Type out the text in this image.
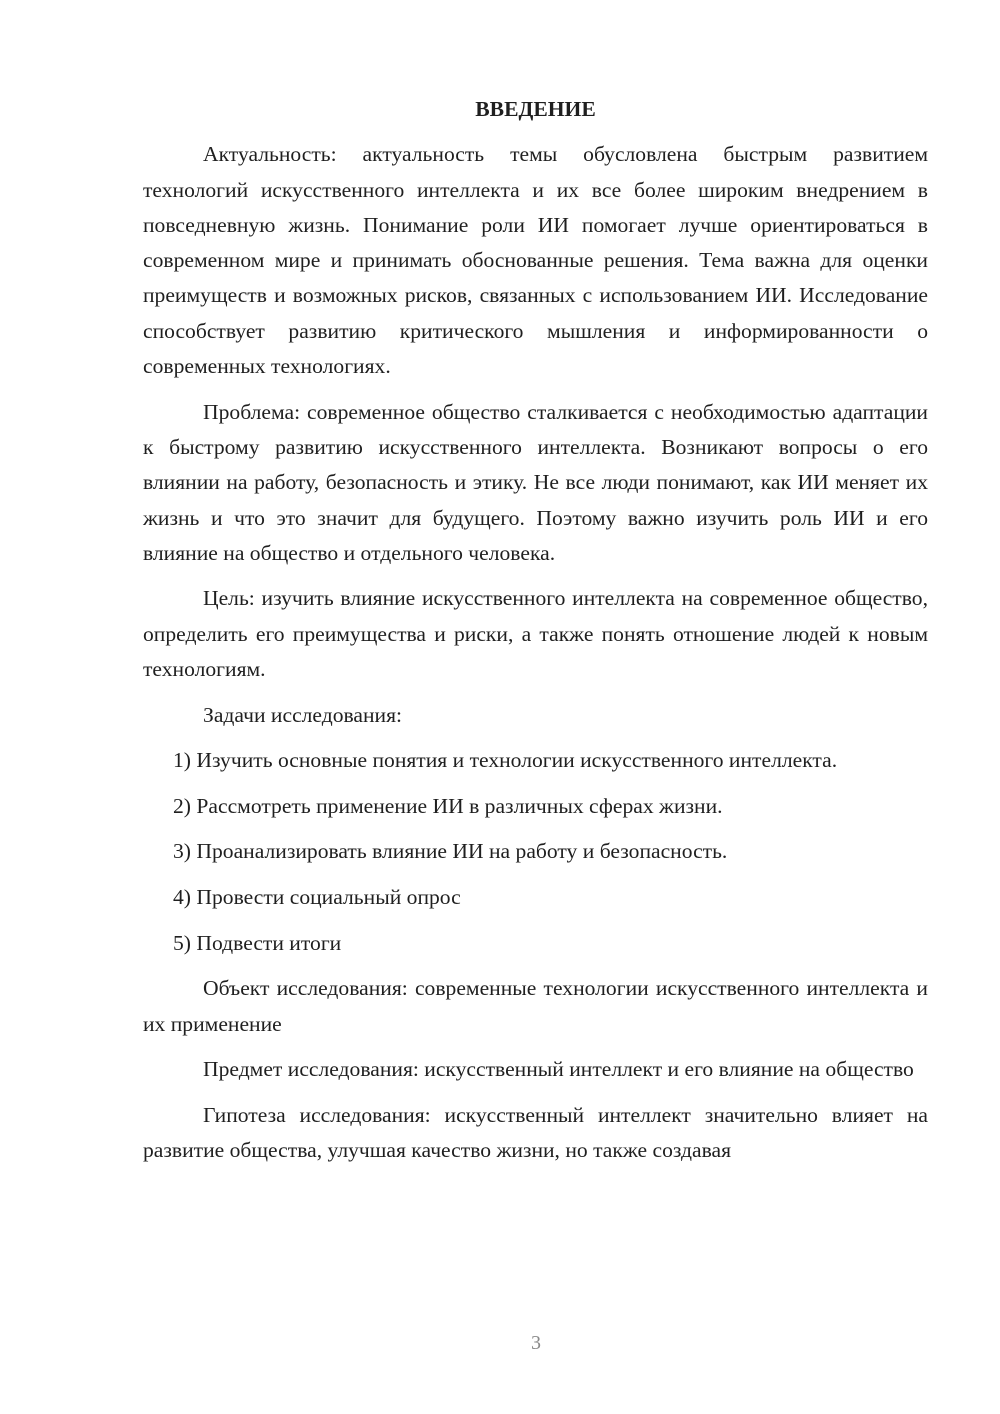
ВВЕДЕНИЕ

Актуальность: актуальность темы обусловлена быстрым развитием технологий искусственного интеллекта и их все более широким внедрением в повседневную жизнь. Понимание роли ИИ помогает лучше ориентироваться в современном мире и принимать обоснованные решения. Тема важна для оценки преимуществ и возможных рисков, связанных с использованием ИИ. Исследование способствует развитию критического мышления и информированности о современных технологиях.

Проблема: современное общество сталкивается с необходимостью адаптации к быстрому развитию искусственного интеллекта. Возникают вопросы о его влиянии на работу, безопасность и этику. Не все люди понимают, как ИИ меняет их жизнь и что это значит для будущего. Поэтому важно изучить роль ИИ и его влияние на общество и отдельного человека.

Цель: изучить влияние искусственного интеллекта на современное общество, определить его преимущества и риски, а также понять отношение людей к новым технологиям.

Задачи исследования:

1) Изучить основные понятия и технологии искусственного интеллекта.

2) Рассмотреть применение ИИ в различных сферах жизни.

3) Проанализировать влияние ИИ на работу и безопасность.

4) Провести социальный опрос

5) Подвести итоги

Объект исследования: современные технологии искусственного интеллекта и их применение

Предмет исследования: искусственный интеллект и его влияние на общество

Гипотеза исследования: искусственный интеллект значительно влияет на развитие общества, улучшая качество жизни, но также создавая

3
